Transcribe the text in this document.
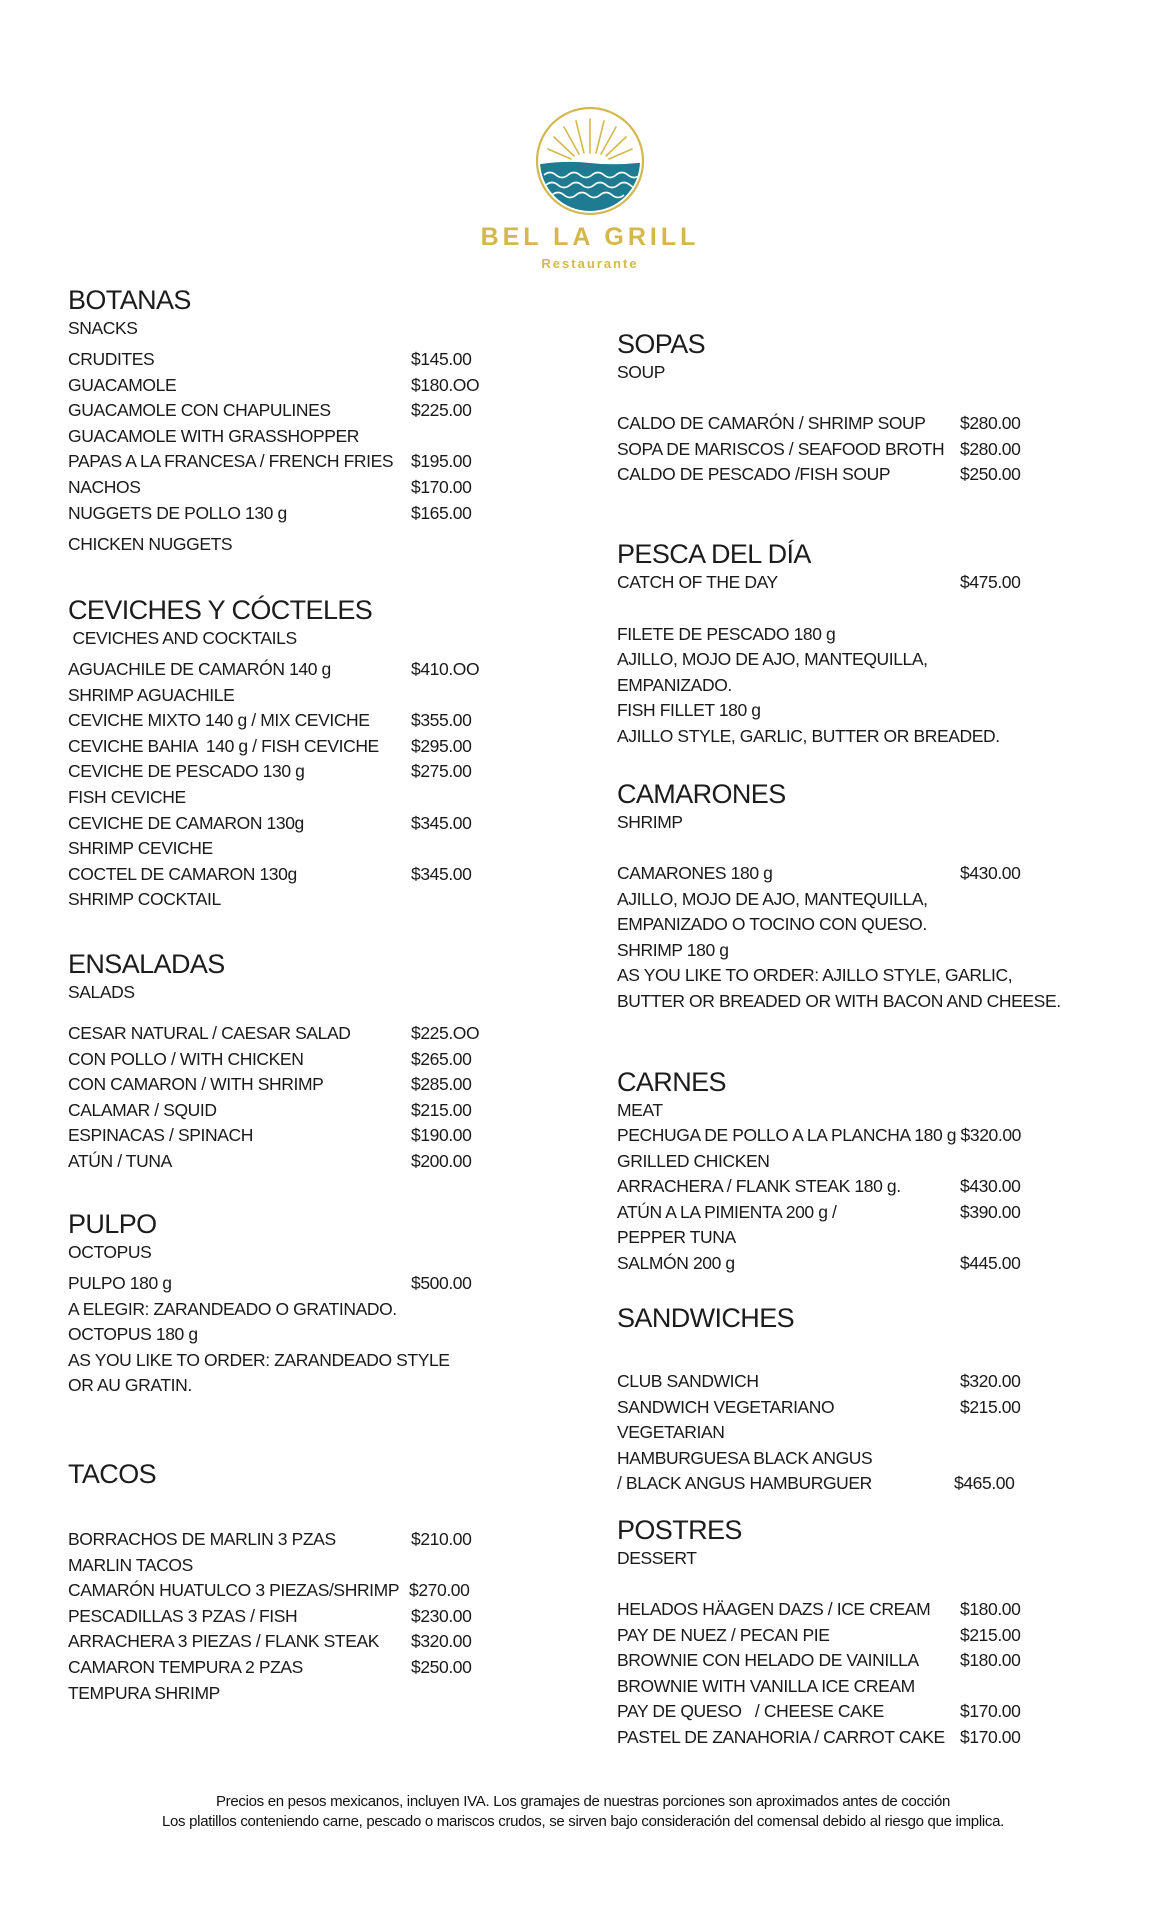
BEL LA GRILL
Restaurante
BOTANAS
SNACKS
CRUDITES	$145.00
GUACAMOLE	$180.OO
GUACAMOLE CON CHAPULINES	$225.00
GUACAMOLE WITH GRASSHOPPER
PAPAS A LA FRANCESA / FRENCH FRIES $195.00
NACHOS	$170.00
NUGGETS DE POLLO 130 g	$165.00
CHICKEN NUGGETS
CEVICHES Y CÓCTELES
CEVICHES AND COCKTAILS
AGUACHILE DE CAMARÓN 140 g	$410.OO
SHRIMP AGUACHILE
CEVICHE MIXTO 140 g / MIX CEVICHE $355.00
CEVICHE BAHIA  140 g / FISH CEVICHE $295.00
CEVICHE DE PESCADO 130 g	$275.00
FISH CEVICHE
CEVICHE DE CAMARON 130g	$345.00
SHRIMP CEVICHE
COCTEL DE CAMARON 130g	$345.00
SHRIMP COCKTAIL
ENSALADAS
SALADS
CESAR NATURAL / CAESAR SALAD	$225.OO
CON POLLO / WITH CHICKEN	$265.00
CON CAMARON / WITH SHRIMP	$285.00
CALAMAR / SQUID	$215.00
ESPINACAS / SPINACH	$190.00
ATÚN / TUNA	$200.00
PULPO
OCTOPUS
PULPO 180 g	$500.00
A ELEGIR: ZARANDEADO O GRATINADO.
OCTOPUS 180 g
AS YOU LIKE TO ORDER: ZARANDEADO STYLE
OR AU GRATIN.
TACOS
BORRACHOS DE MARLIN 3 PZAS	$210.00
MARLIN TACOS
CAMARÓN HUATULCO 3 PIEZAS/SHRIMP $270.00
PESCADILLAS 3 PZAS / FISH	$230.00
ARRACHERA 3 PIEZAS / FLANK STEAK $320.00
CAMARON TEMPURA 2 PZAS	$250.00
TEMPURA SHRIMP
SOPAS
SOUP
CALDO DE CAMARÓN / SHRIMP SOUP $280.00
SOPA DE MARISCOS / SEAFOOD BROTH $280.00
CALDO DE PESCADO /FISH SOUP	$250.00
PESCA DEL DÍA
CATCH OF THE DAY	$475.00
FILETE DE PESCADO 180 g
AJILLO, MOJO DE AJO, MANTEQUILLA,
EMPANIZADO.
FISH FILLET 180 g
AJILLO STYLE, GARLIC, BUTTER OR BREADED.
CAMARONES
SHRIMP
CAMARONES 180 g	$430.00
AJILLO, MOJO DE AJO, MANTEQUILLA,
EMPANIZADO O TOCINO CON QUESO.
SHRIMP 180 g
AS YOU LIKE TO ORDER: AJILLO STYLE, GARLIC,
BUTTER OR BREADED OR WITH BACON AND CHEESE.
CARNES
MEAT
PECHUGA DE POLLO A LA PLANCHA 180 g $320.00
GRILLED CHICKEN
ARRACHERA / FLANK STEAK 180 g.	$430.00
ATÚN A LA PIMIENTA 200 g /	$390.00
PEPPER TUNA
SALMÓN 200 g	$445.00
SANDWICHES
CLUB SANDWICH	$320.00
SANDWICH VEGETARIANO	$215.00
VEGETARIAN
HAMBURGUESA BLACK ANGUS
/ BLACK ANGUS HAMBURGUER	$465.00
POSTRES
DESSERT
HELADOS HÄAGEN DAZS / ICE CREAM $180.00
PAY DE NUEZ / PECAN PIE	$215.00
BROWNIE CON HELADO DE VAINILLA $180.00
BROWNIE WITH VANILLA ICE CREAM
PAY DE QUESO   / CHEESE CAKE	$170.00
PASTEL DE ZANAHORIA / CARROT CAKE $170.00
Precios en pesos mexicanos, incluyen IVA. Los gramajes de nuestras porciones son aproximados antes de cocción
Los platillos conteniendo carne, pescado o mariscos crudos, se sirven bajo consideración del comensal debido al riesgo que implica.
